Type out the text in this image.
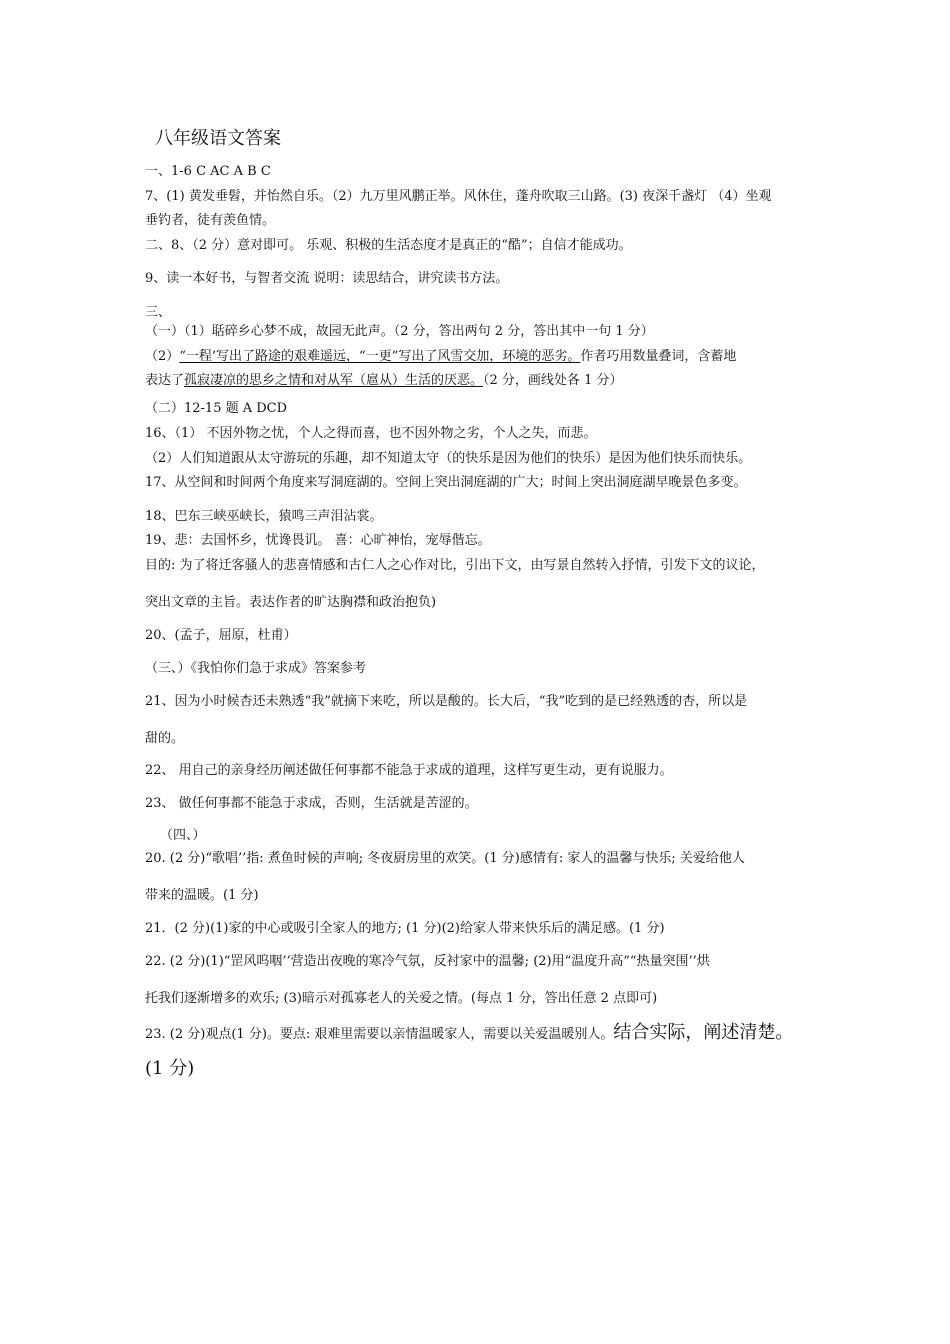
八年级语文答案
一、1-6 C AC A B C
7、(1) 黄发垂髫，并怡然自乐。（2）九万里风鹏正举。风休住，蓬舟吹取三山路。(3) 夜深千盏灯 （4）坐观
垂钓者，徒有羡鱼情。
二、8、（2 分）意对即可。 乐观、积极的生活态度才是真正的“酷”；自信才能成功。
9、读一本好书，与智者交流 说明：读思结合，讲究读书方法。
三、
（一）（1）聒碎乡心梦不成，故园无此声。（2 分，答出两句 2 分，答出其中一句 1 分）
（2）“一程’写出了路途的艰难遥远，“一更”写出了风雪交加，环境的恶劣。作者巧用数量叠词，含蓄地
表达了孤寂凄凉的思乡之情和对从军（扈从）生活的厌恶。（2 分，画线处各 1 分）
（二）12-15 题 A DCD
16、（1） 不因外物之忧，个人之得而喜，也不因外物之劣，个人之失，而悲。
（2）人们知道跟从太守游玩的乐趣，却不知道太守（的快乐是因为他们的快乐）是因为他们快乐而快乐。
17、从空间和时间两个角度来写洞庭湖的。空间上突出洞庭湖的广大；时间上突出洞庭湖早晚景色多变。
18、巴东三峡巫峡长，猿鸣三声泪沾裳。
19、悲：去国怀乡，忧谗畏讥。 喜：心旷神怡，宠辱偕忘。
目的: 为了将迁客骚人的悲喜情感和古仁人之心作对比，引出下文，由写景自然转入抒情，引发下文的议论，
突出文章的主旨。表达作者的旷达胸襟和政治抱负)
20、(孟子，屈原，杜甫）
（三、）《我怕你们急于求成》答案参考
21、因为小时候杏还未熟透“我”就摘下来吃，所以是酸的。长大后，“我”吃到的是已经熟透的杏，所以是
甜的。
22、 用自己的亲身经历阐述做任何事都不能急于求成的道理，这样写更生动，更有说服力。
23、 做任何事都不能急于求成，否则，生活就是苦涩的。
（四、）
20. (2 分)“歌唱’’指: 煮鱼时候的声响; 冬夜厨房里的欢笑。(1 分)感情有: 家人的温馨与快乐; 关爱给他人
带来的温暖。(1 分)
21．(2 分)(1)家的中心或吸引全家人的地方; (1 分)(2)给家人带来快乐后的满足感。(1 分)
22. (2 分)(1)“罡风呜咽’’营造出夜晚的寒冷气氛，反衬家中的温馨; (2)用“温度升高”“热量突围’’烘
托我们逐渐增多的欢乐; (3)暗示对孤寡老人的关爱之情。(每点 1 分，答出任意 2 点即可)
23. (2 分)观点(1 分)。要点: 艰难里需要以亲情温暖家人，需要以关爱温暖别人。结合实际，阐述清楚。
(1 分)
